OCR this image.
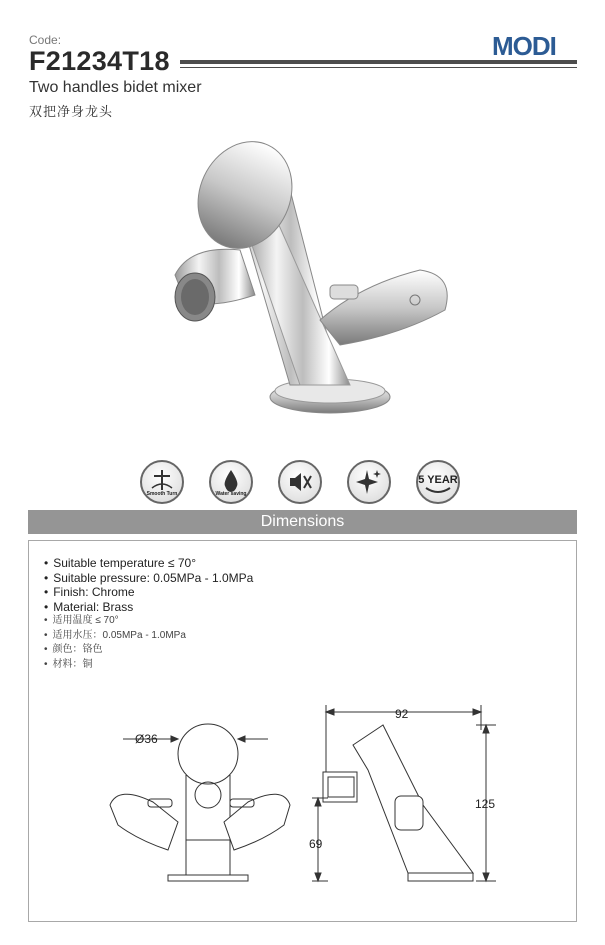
Code:
F21234T18	MODI
Two handles bidet mixer
双把净身龙头
Smooth Turn	Water saving
5 YEAR
Dimensions
• Suitable temperature ≤ 70°
• Suitable pressure: 0.05MPa - 1.0MPa
• Finish: Chrome
• Material: Brass
• 适用温度 ≤ 70°
• 适用水压：0.05MPa - 1.0MPa
• 颜色：铬色
• 材料：铜
Ø36
92
125
69
